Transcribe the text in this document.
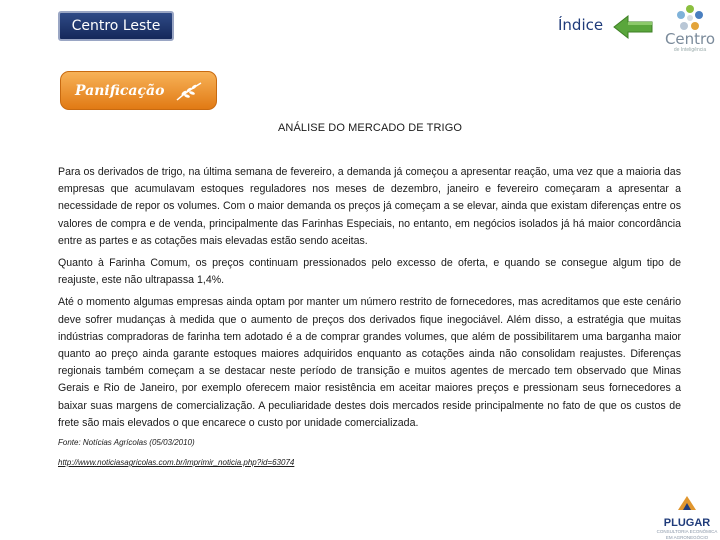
Centro Leste	Índice
Centro
de Inteligência
Panificação
ANÁLISE DO MERCADO DE TRIGO

Para os derivados de trigo, na última semana de fevereiro, a demanda já começou a apresentar reação, uma vez que a maioria das empresas que acumulavam estoques reguladores nos meses de dezembro, janeiro e fevereiro começaram a apresentar a necessidade de repor os volumes. Com o maior demanda os preços já começam a se elevar, ainda que existam diferenças entre os valores de compra e de venda, principalmente das Farinhas Especiais, no entanto, em negócios isolados já há maior concordância entre as partes e as cotações mais elevadas estão sendo aceitas.

Quanto à Farinha Comum, os preços continuam pressionados pelo excesso de oferta, e quando se consegue algum tipo de reajuste, este não ultrapassa 1,4%.

Até o momento algumas empresas ainda optam por manter um número restrito de fornecedores, mas acreditamos que este cenário deve sofrer mudanças à medida que o aumento de preços dos derivados fique inegociável. Além disso, a estratégia que muitas indústrias compradoras de farinha tem adotado é a de comprar grandes volumes, que além de possibilitarem uma barganha maior quanto ao preço ainda garante estoques maiores adquiridos enquanto as cotações ainda não consolidam reajustes. Diferenças regionais também começam a se destacar neste período de transição e muitos agentes de mercado tem observado que Minas Gerais e Rio de Janeiro, por exemplo oferecem maior resistência em aceitar maiores preços e pressionam seus fornecedores a baixar suas margens de comercialização. A peculiaridade destes dois mercados reside principalmente no fato de que os custos de frete são mais elevados o que encarece o custo por unidade comercializada.

Fonte: Notícias Agrícolas (05/03/2010)
http://www.noticiasagricolas.com.br/imprimir_noticia.php?id=63074
PLUGAR
CONSULTORIA ECONÔMICA EM AGRONEGÓCIO
